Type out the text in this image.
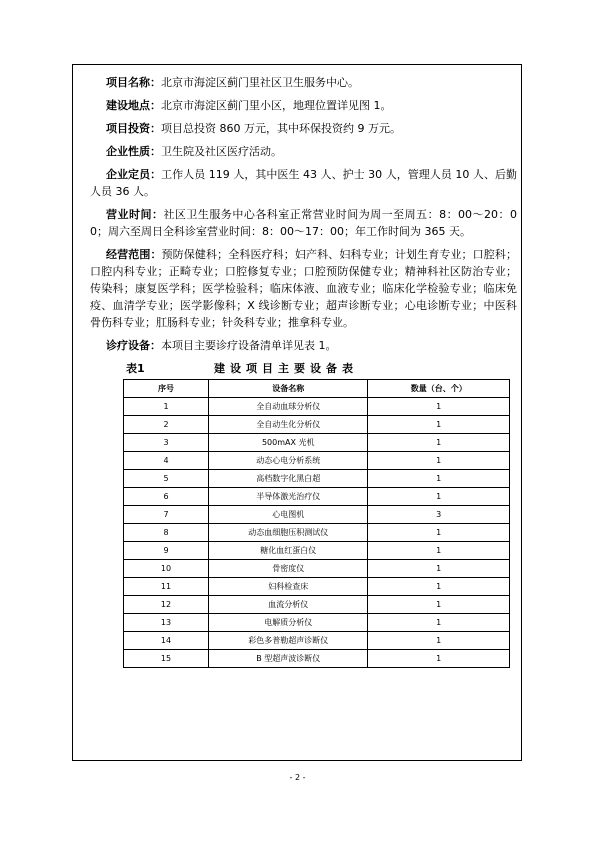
项目名称：北京市海淀区蓟门里社区卫生服务中心。

建设地点：北京市海淀区蓟门里小区，地理位置详见图 1。

项目投资：项目总投资 860 万元，其中环保投资约 9 万元。

企业性质：卫生院及社区医疗活动。

企业定员：工作人员 119 人，其中医生 43 人、护士 30 人，管理人员 10 人、后勤人员 36 人。

营业时间：社区卫生服务中心各科室正常营业时间为周一至周五：8：00～20：00；周六至周日全科诊室营业时间：8：00～17：00；年工作时间为 365 天。

经营范围：预防保健科；全科医疗科；妇产科、妇科专业；计划生育专业；口腔科；口腔内科专业；正畸专业；口腔修复专业；口腔预防保健专业；精神科社区防治专业；传染科；康复医学科；医学检验科；临床体液、血液专业；临床化学检验专业；临床免疫、血清学专业；医学影像科；X 线诊断专业；超声诊断专业；心电诊断专业；中医科骨伤科专业；肛肠科专业；针灸科专业；推拿科专业。

诊疗设备：本项目主要诊疗设备清单详见表 1。

表1	建设项目主要设备表
序号	设备名称	数量（台、个）
1	全自动血球分析仪	1
2	全自动生化分析仪	1
3	500mAX 光机	1
4	动态心电分析系统	1
5	高档数字化黑白超	1
6	半导体激光治疗仪	1
7	心电图机	3
8	动态血细胞压积测试仪	1
9	糖化血红蛋白仪	1
10	骨密度仪	1
11	妇科检查床	1
12	血流分析仪	1
13	电解质分析仪	1
14	彩色多普勒超声诊断仪	1
15	B 型超声波诊断仪	1
- 2 -
